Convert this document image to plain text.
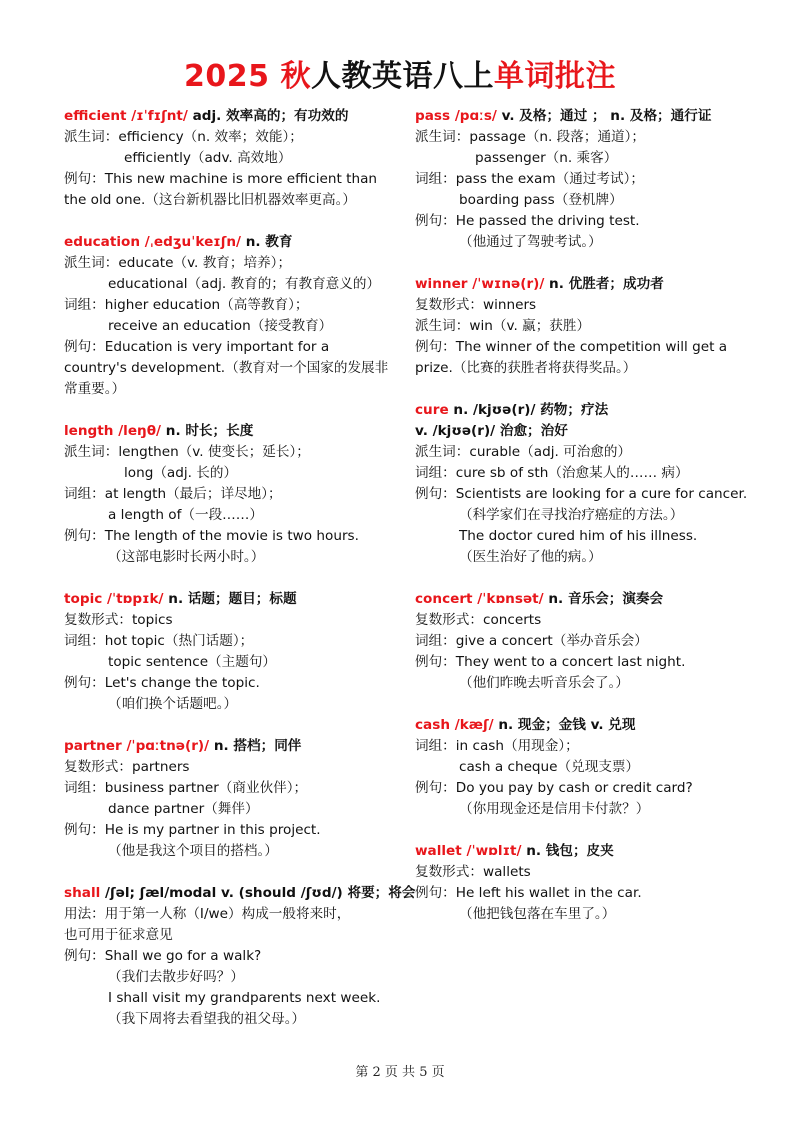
2025 秋人教英语八上单词批注
efficient /ɪˈfɪʃnt/ adj. 效率高的；有功效的
派生词：efficiency（n. 效率；效能）；
efficiently（adv. 高效地）
例句：This new machine is more efficient than the old one.（这台新机器比旧机器效率更高。）
education /ˌedʒuˈkeɪʃn/ n. 教育
派生词：educate（v. 教育；培养）；
educational（adj. 教育的；有教育意义的）
词组：higher education（高等教育）；
receive an education（接受教育）
例句：Education is very important for a country's development.（教育对一个国家的发展非常重要。）
length /leŋθ/ n. 时长；长度
派生词：lengthen（v. 使变长；延长）；
long（adj. 长的）
词组：at length（最后；详尽地）；
a length of（一段……）
例句：The length of the movie is two hours.
（这部电影时长两小时。）
topic /ˈtɒpɪk/ n. 话题；题目；标题
复数形式：topics
词组：hot topic（热门话题）；
topic sentence（主题句）
例句：Let's change the topic.
（咱们换个话题吧。）
partner /ˈpɑːtnə(r)/ n. 搭档；同伴
复数形式：partners
词组：business partner（商业伙伴）；
dance partner（舞伴）
例句：He is my partner in this project.
（他是我这个项目的搭档。）
shall /ʃəl; ʃæl/modal v. (should /ʃʊd/) 将要；将会
用法：用于第一人称（I/we）构成一般将来时，
也可用于征求意见
例句：Shall we go for a walk?
（我们去散步好吗？）
I shall visit my grandparents next week.
（我下周将去看望我的祖父母。）
pass /pɑːs/ v. 及格；通过 ； n. 及格；通行证
派生词：passage（n. 段落；通道）；
passenger（n. 乘客）
词组：pass the exam（通过考试）；
boarding pass（登机牌）
例句：He passed the driving test.
（他通过了驾驶考试。）
winner /ˈwɪnə(r)/ n. 优胜者；成功者
复数形式：winners
派生词：win（v. 赢；获胜）
例句：The winner of the competition will get a prize.（比赛的获胜者将获得奖品。）
cure n. /kjʊə(r)/ 药物；疗法
v. /kjʊə(r)/ 治愈；治好
派生词：curable（adj. 可治愈的）
词组：cure sb of sth（治愈某人的…… 病）
例句：Scientists are looking for a cure for cancer.
（科学家们在寻找治疗癌症的方法。）
The doctor cured him of his illness.
（医生治好了他的病。）
concert /ˈkɒnsət/ n. 音乐会；演奏会
复数形式：concerts
词组：give a concert（举办音乐会）
例句：They went to a concert last night.
（他们昨晚去听音乐会了。）
cash /kæʃ/ n. 现金；金钱 v. 兑现
词组：in cash（用现金）；
cash a cheque（兑现支票）
例句：Do you pay by cash or credit card?
（你用现金还是信用卡付款？）
wallet /ˈwɒlɪt/ n. 钱包；皮夹
复数形式：wallets
例句：He left his wallet in the car.
（他把钱包落在车里了。）
第 2 页 共 5 页
